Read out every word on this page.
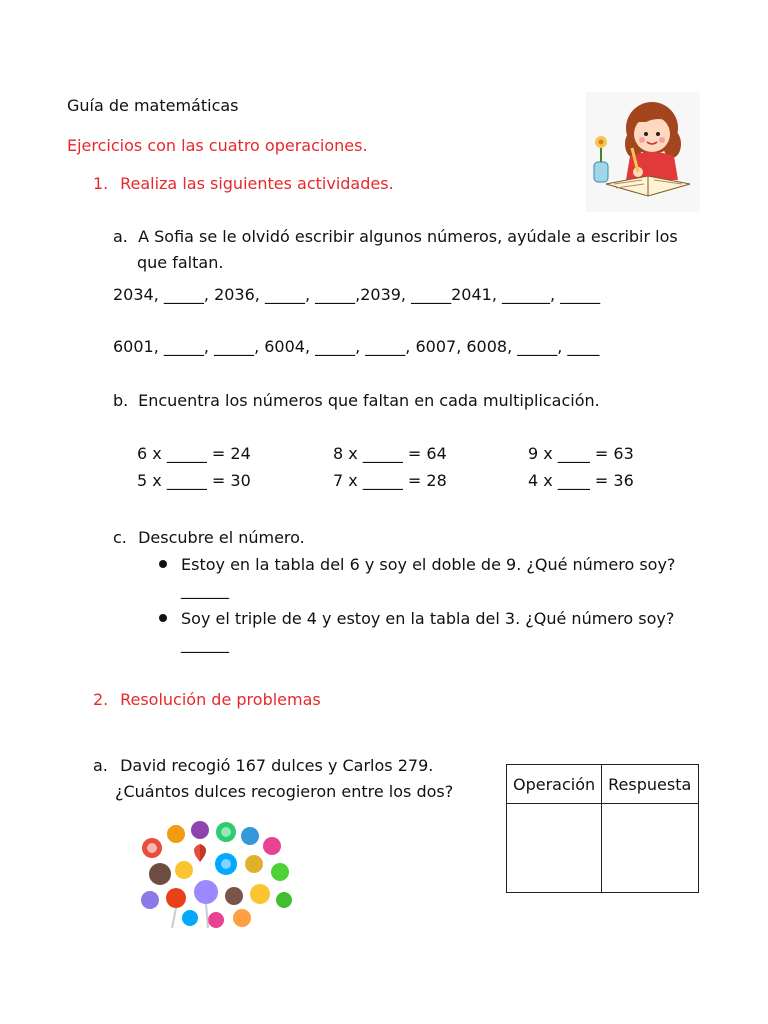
Guía de matemáticas
Ejercicios con las cuatro operaciones.
1. Realiza las siguientes actividades.
a. A Sofia se le olvidó escribir algunos números, ayúdale a escribir los
que faltan.
2034, _____, 2036, _____, _____,2039, _____2041, ______, _____
6001, _____, _____, 6004, _____, _____, 6007, 6008, _____, ____
b. Encuentra los números que faltan en cada multiplicación.
6 x _____ = 24	8 x _____ = 64	9 x ____ = 63
5 x _____ = 30	7 x _____ = 28	4 x ____ = 36
c. Descubre el número.
Estoy en la tabla del 6 y soy el doble de 9. ¿Qué número soy?
______
Soy el triple de 4 y estoy en la tabla del 3. ¿Qué número soy?
______
2. Resolución de problemas
a. David recogió 167 dulces y Carlos 279.
¿Cuántos dulces recogieron entre los dos?	Operación	Respuesta
